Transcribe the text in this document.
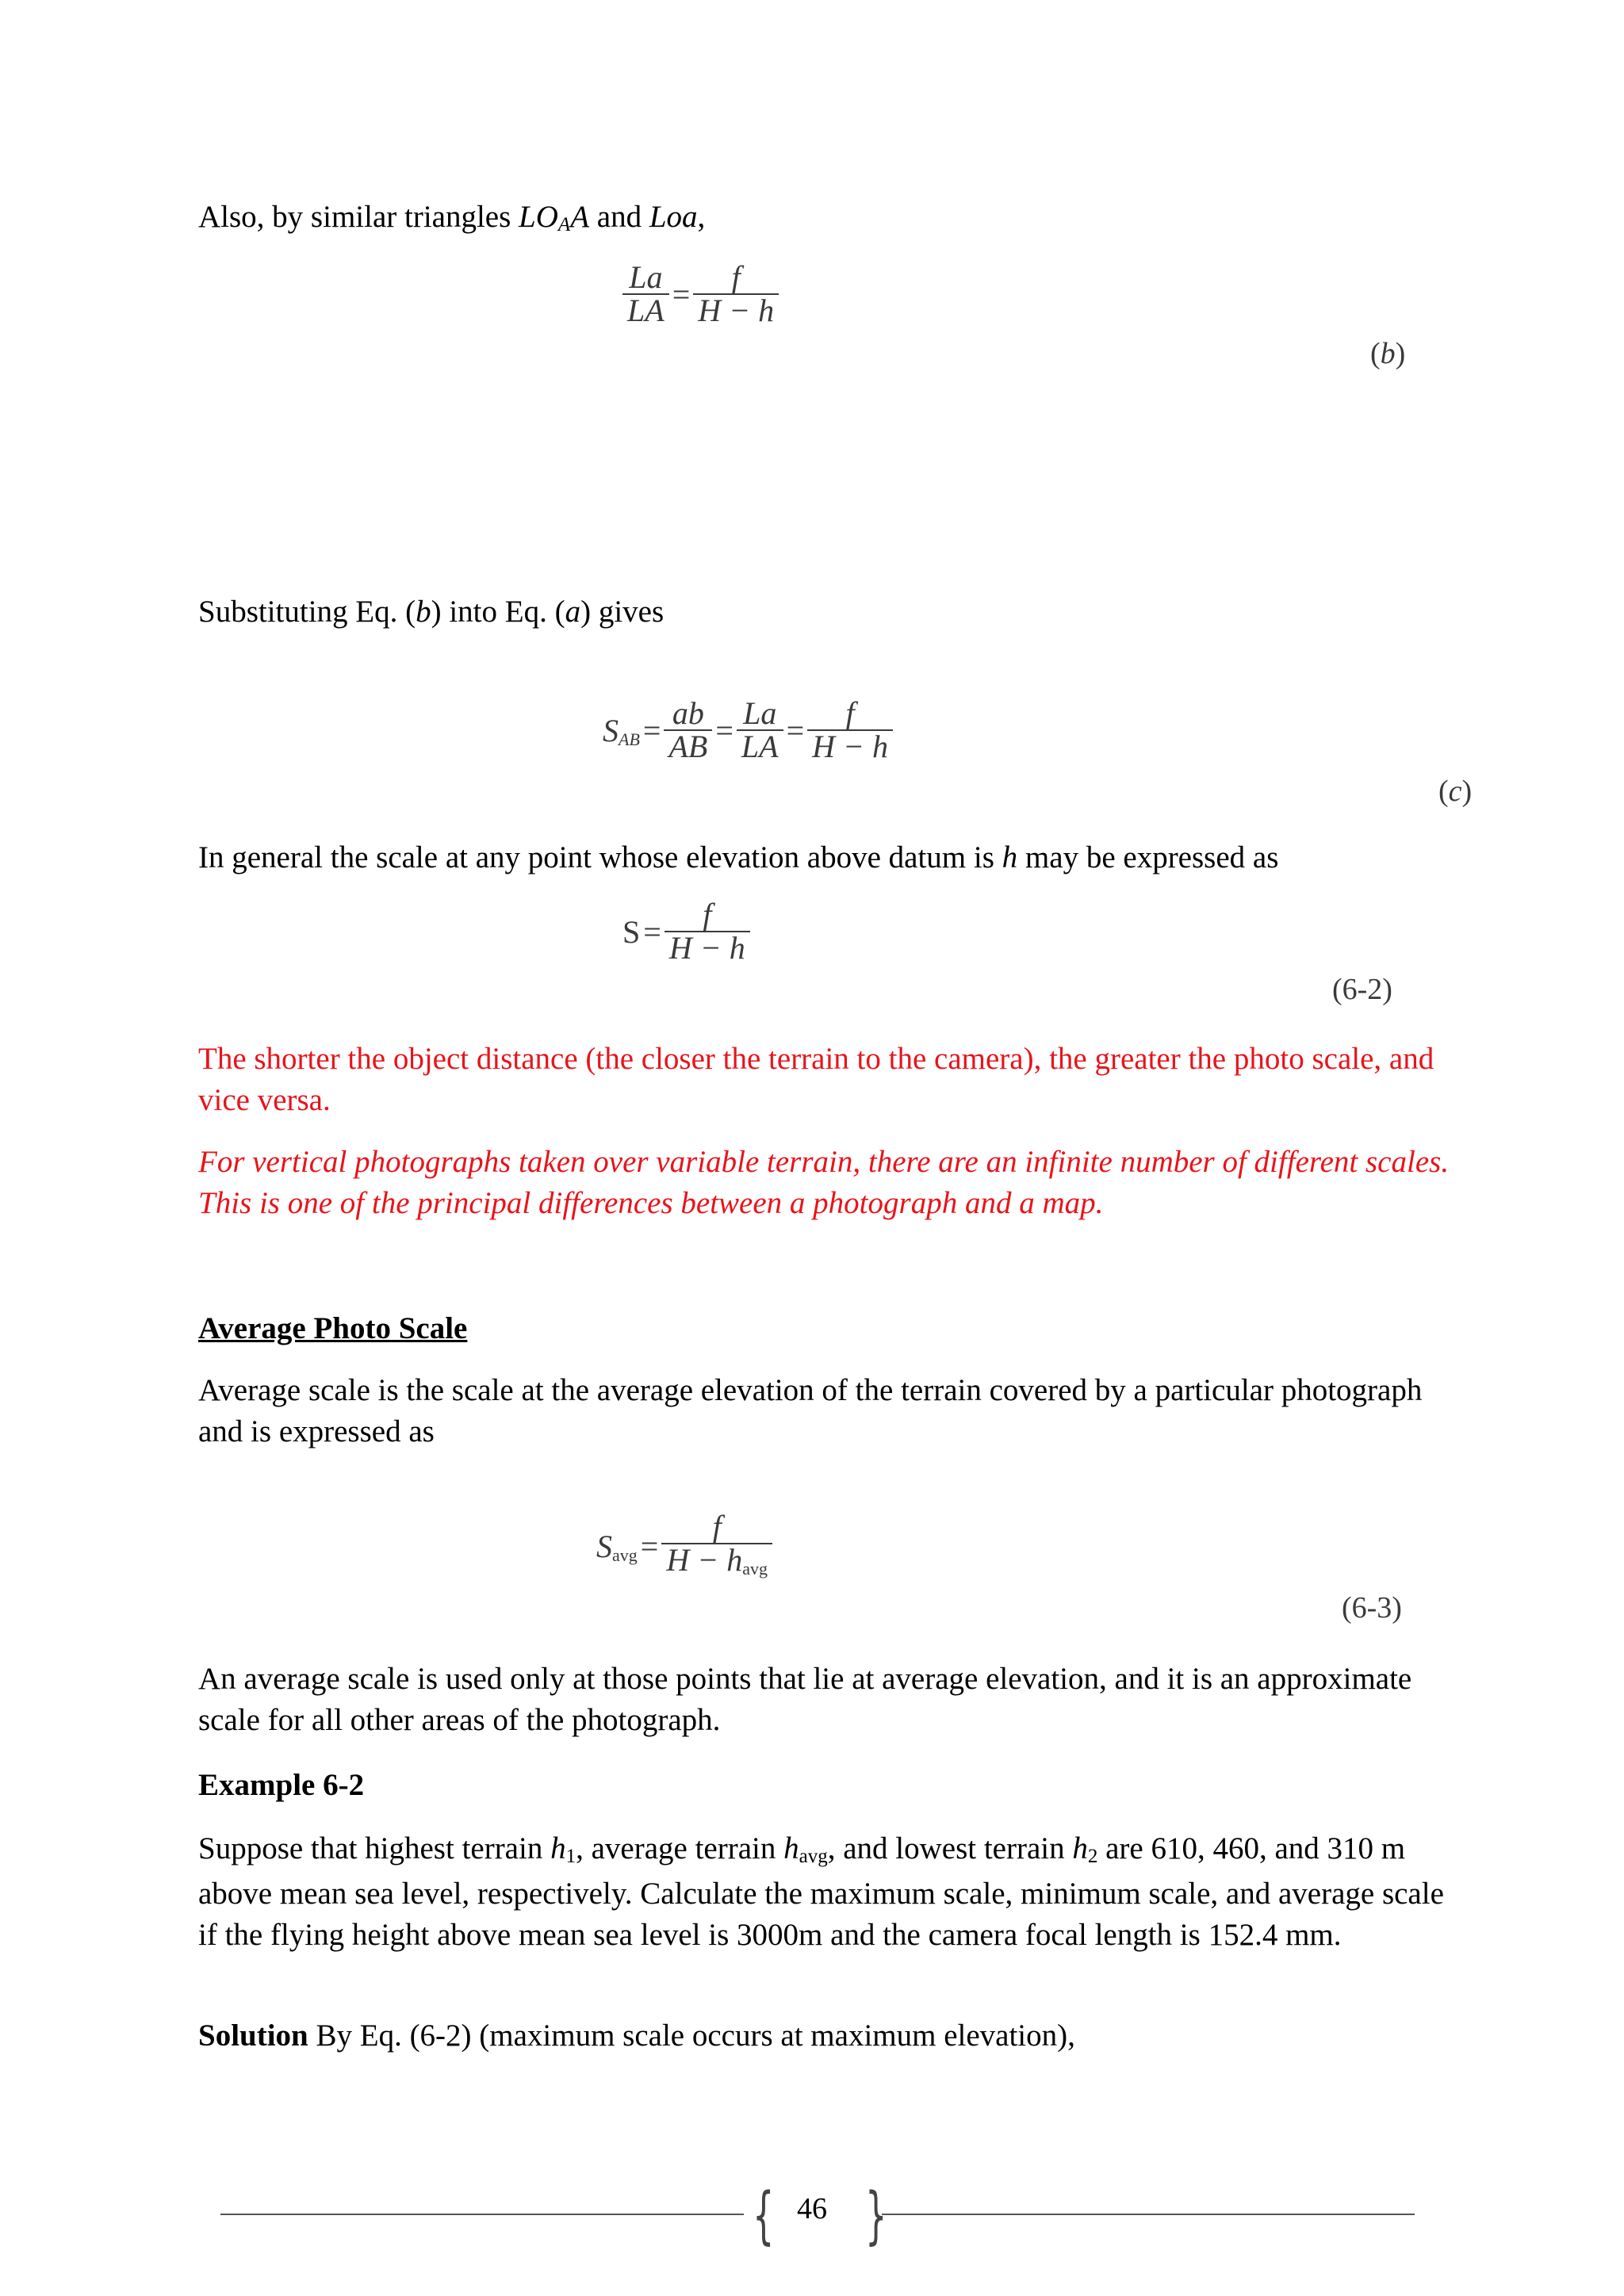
Also, by similar triangles $LO_AA$ and Loa,

$\frac{La}{LA} = \frac{f}{H - h}$
(b)

Substituting Eq. (b) into Eq. (a) gives

$S_{AB} = \frac{ab}{AB} = \frac{La}{LA} = \frac{f}{H - h}$
(c)

In general the scale at any point whose elevation above datum is h may be expressed as

$S = \frac{f}{H - h}$
(6-2)

The shorter the object distance (the closer the terrain to the camera), the greater the photo scale, and vice versa.

For vertical photographs taken over variable terrain, there are an infinite number of different scales. This is one of the principal differences between a photograph and a map.

Average Photo Scale

Average scale is the scale at the average elevation of the terrain covered by a particular photograph and is expressed as

$S_{avg} = \frac{f}{H - h_{avg}}$
(6-3)

An average scale is used only at those points that lie at average elevation, and it is an approximate scale for all other areas of the photograph.

Example 6-2

Suppose that highest terrain $h_1$, average terrain $h_{avg}$, and lowest terrain $h_2$ are 610, 460, and 310 m above mean sea level, respectively. Calculate the maximum scale, minimum scale, and average scale if the flying height above mean sea level is 3000m and the camera focal length is 152.4 mm.

Solution By Eq. (6-2) (maximum scale occurs at maximum elevation),

{ }
46
